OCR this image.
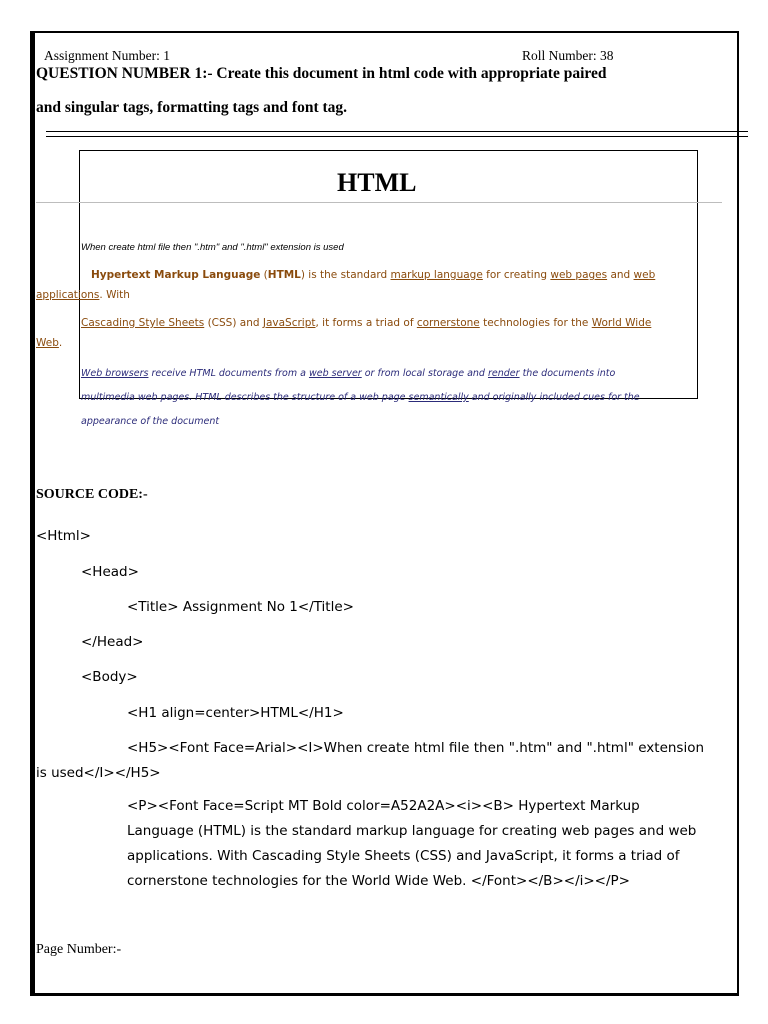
Assignment Number: 1	Roll Number: 38
QUESTION NUMBER 1:- Create this document in html code with appropriate paired
and singular tags, formatting tags and font tag.
HTML
When create html file then ".htm" and ".html" extension is used
Hypertext Markup Language (HTML) is the standard markup language for creating web pages and web
applications. With
Cascading Style Sheets (CSS) and JavaScript, it forms a triad of cornerstone technologies for the World Wide
Web.
Web browsers receive HTML documents from a web server or from local storage and render the documents into
multimedia web pages. HTML describes the structure of a web page semantically and originally included cues for the
appearance of the document
SOURCE CODE:-
<Html>
<Head>
<Title> Assignment No 1</Title>
</Head>
<Body>
<H1 align=center>HTML</H1>
<H5><Font Face=Arial><I>When create html file then ".htm" and ".html" extension
is used</I></H5>
<P><Font Face=Script MT Bold color=A52A2A><i><B> Hypertext Markup
Language (HTML) is the standard markup language for creating web pages and web
applications. With Cascading Style Sheets (CSS) and JavaScript, it forms a triad of
cornerstone technologies for the World Wide Web. </Font></B></i></P>
Page Number:-
